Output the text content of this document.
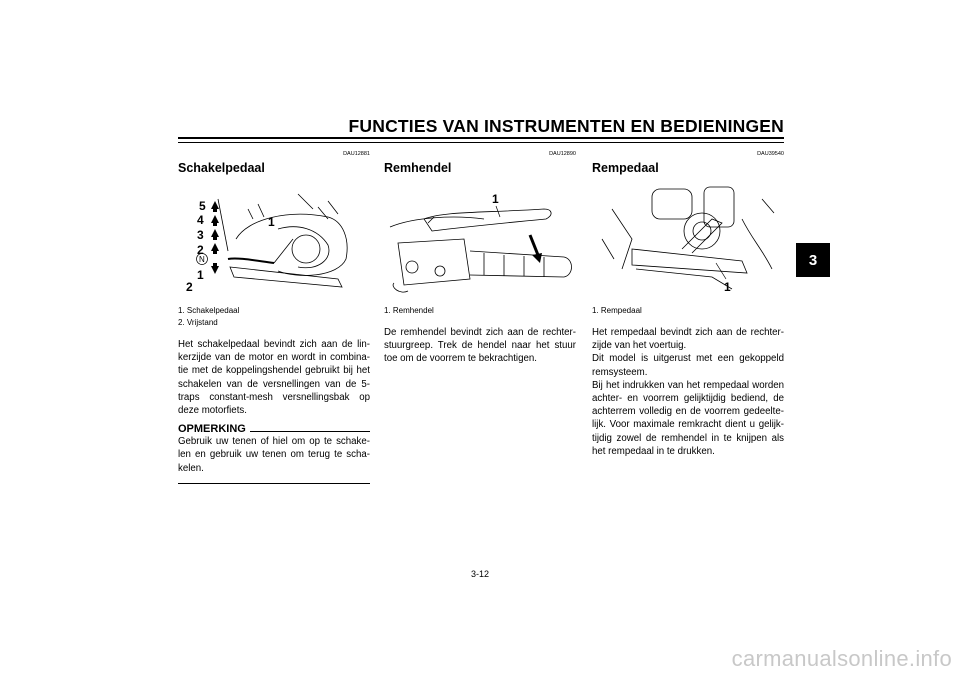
FUNCTIES VAN INSTRUMENTEN EN BEDIENINGEN
3
DAU12881
Schakelpedaal
5
4
3
2
N
1
2
1
1. Schakelpedaal
2. Vrijstand
Het schakelpedaal bevindt zich aan de lin-kerzijde van de motor en wordt in combina-tie met de koppelingshendel gebruikt bij het schakelen van de versnellingen van de 5-traps constant-mesh versnellingsbak op deze motorfiets.
OPMERKING
Gebruik uw tenen of hiel om op te schake-len en gebruik uw tenen om terug te scha-kelen.
DAU12890
Remhendel
1
1. Remhendel
De remhendel bevindt zich aan de rechter-stuurgreep. Trek de hendel naar het stuur toe om de voorrem te bekrachtigen.
DAU39540
Rempedaal
1
1. Rempedaal
Het rempedaal bevindt zich aan de rechter-zijde van het voertuig.
Dit model is uitgerust met een gekoppeld remsysteem.
Bij het indrukken van het rempedaal worden achter- en voorrem gelijktijdig bediend, de achterrem volledig en de voorrem gedeelte-lijk. Voor maximale remkracht dient u gelijk-tijdig zowel de remhendel in te knijpen als het rempedaal in te drukken.
3-12
carmanualsonline.info
